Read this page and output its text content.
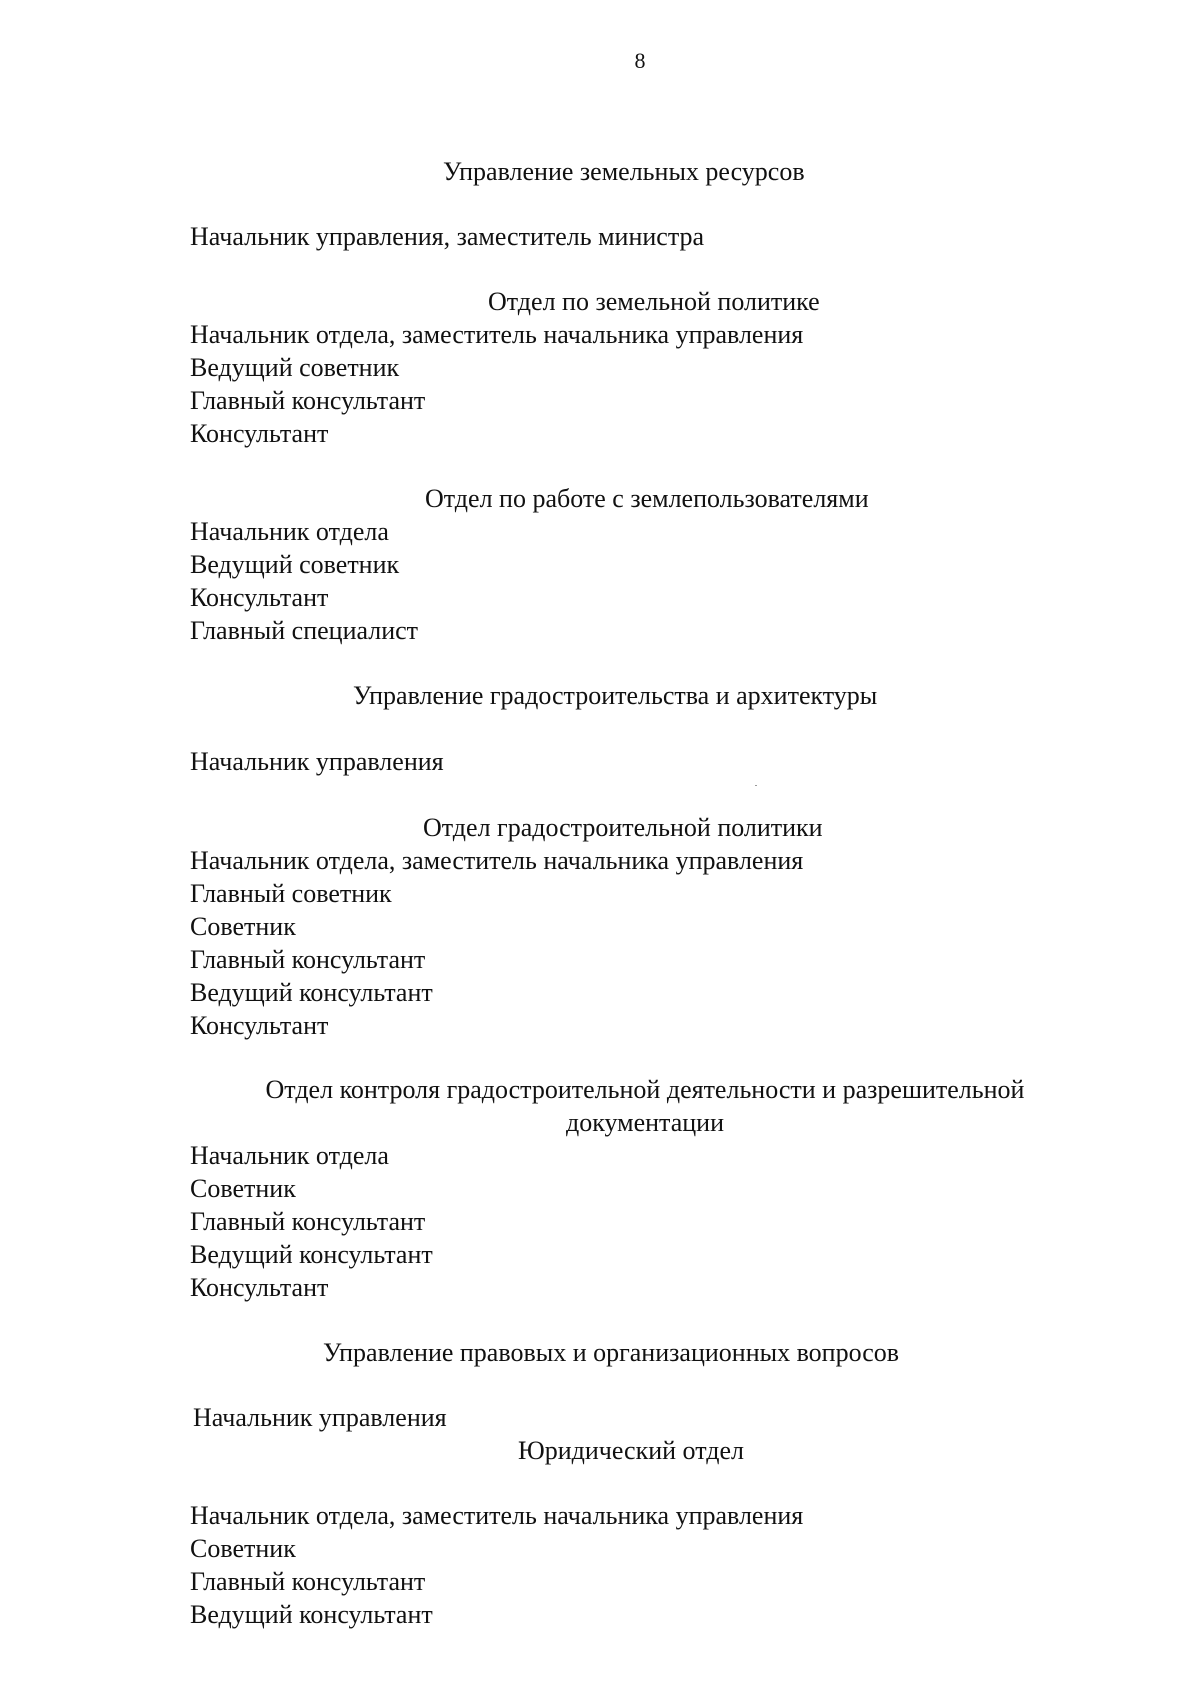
8
Управление земельных ресурсов
Начальник управления, заместитель министра
Отдел по земельной политике
Начальник отдела, заместитель начальника управления
Ведущий советник
Главный консультант
Консультант
Отдел по работе с землепользователями
Начальник отдела
Ведущий советник
Консультант
Главный специалист
Управление градостроительства и архитектуры
Начальник управления
Отдел градостроительной политики
Начальник отдела, заместитель начальника управления
Главный советник
Советник
Главный консультант
Ведущий консультант
Консультант
Отдел контроля градостроительной деятельности и разрешительной
документации
Начальник отдела
Советник
Главный консультант
Ведущий консультант
Консультант
Управление правовых и организационных вопросов
Начальник управления
Юридический отдел
Начальник отдела, заместитель начальника управления
Советник
Главный консультант
Ведущий консультант
